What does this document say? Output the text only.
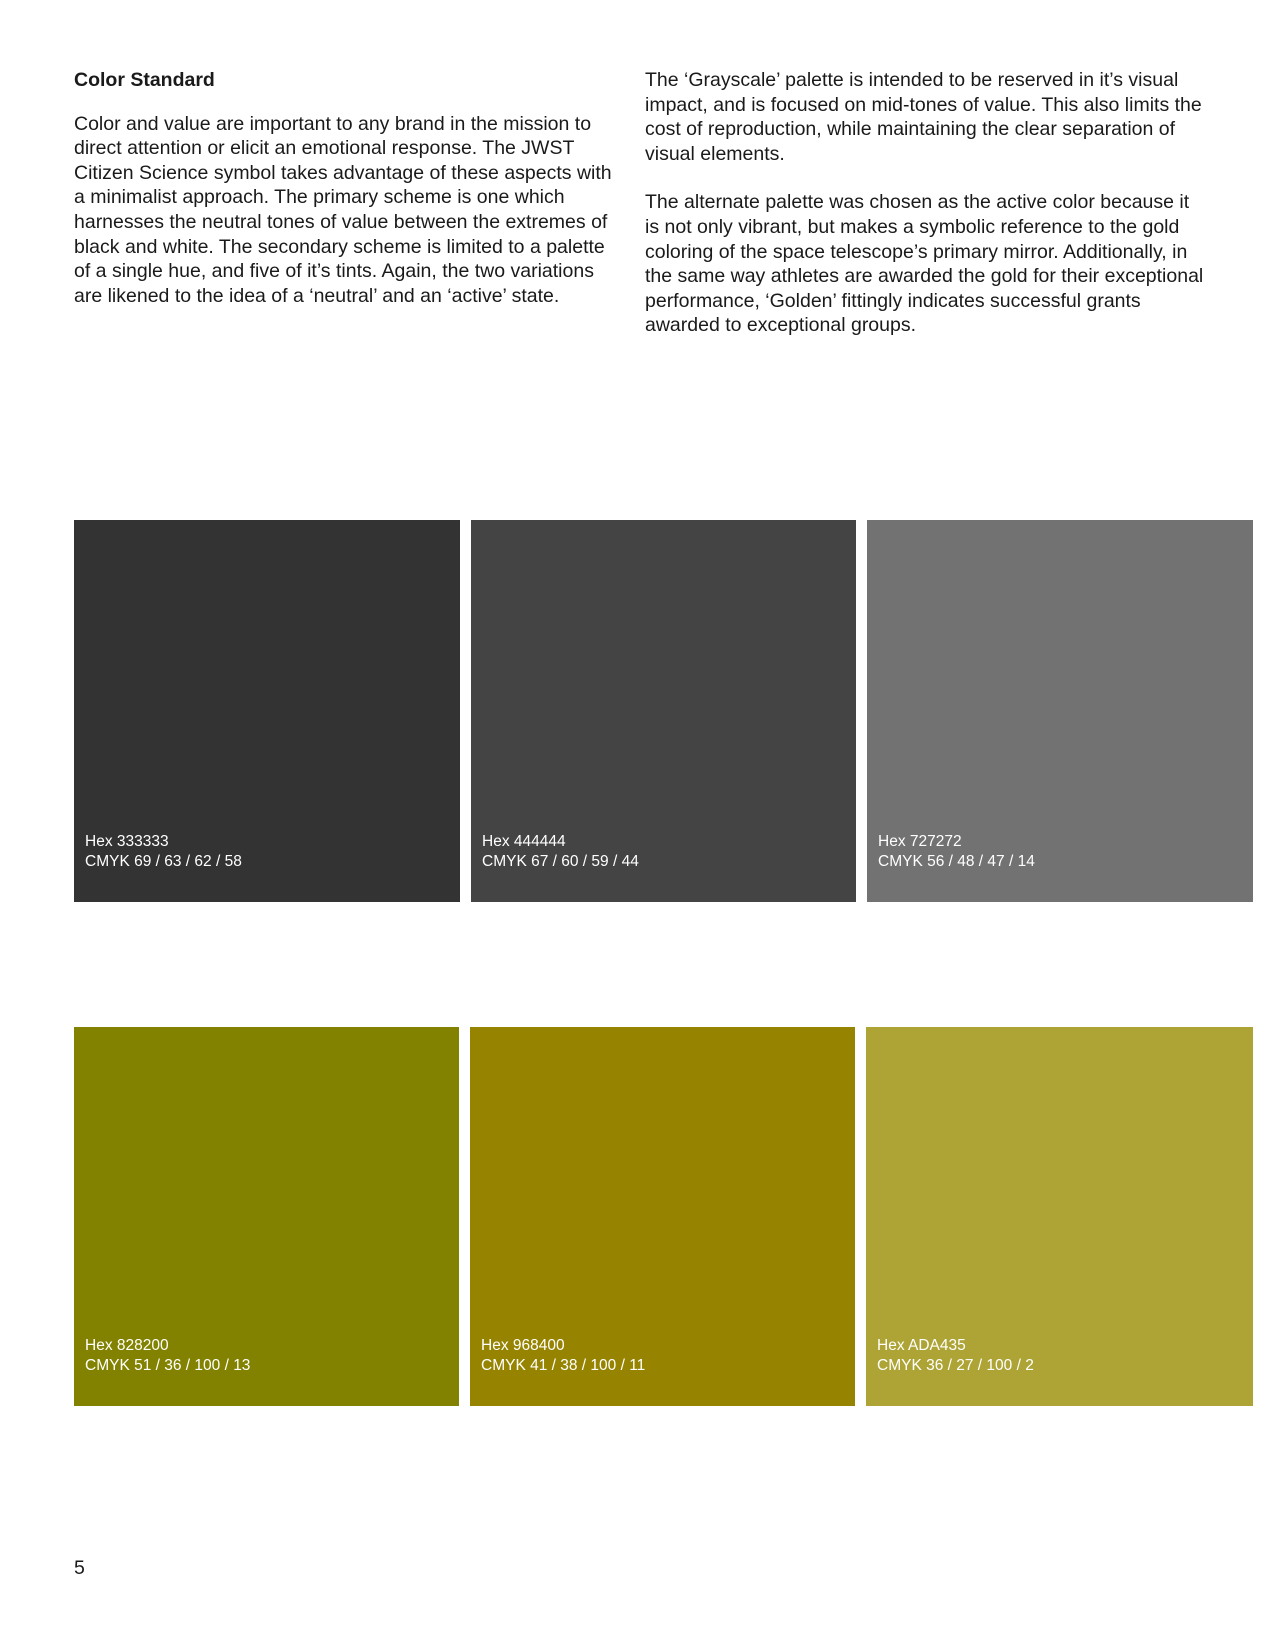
Color Standard

Color and value are important to any brand in the mission to direct attention or elicit an emotional response. The JWST Citizen Science symbol takes advantage of these aspects with a minimalist approach. The primary scheme is one which harnesses the neutral tones of value between the extremes of black and white. The secondary scheme is limited to a palette of a single hue, and five of it’s tints. Again, the two variations are likened to the idea of a ‘neutral’ and an ‘active’ state.

The ‘Grayscale’ palette is intended to be reserved in it’s visual impact, and is focused on mid-tones of value. This also limits the cost of reproduction, while maintaining the clear separation of visual elements.

The alternate palette was chosen as the active color because it is not only vibrant, but makes a symbolic reference to the gold coloring of the space telescope’s primary mirror. Additionally, in the same way athletes are awarded the gold for their exceptional performance, ‘Golden’ fittingly indicates successful grants awarded to exceptional groups.

Hex 333333
CMYK 69 / 63 / 62 / 58
Hex 444444
CMYK 67 / 60 / 59 / 44
Hex 727272
CMYK 56 / 48 / 47 / 14
Hex 828200
CMYK 51 / 36 / 100 / 13
Hex 968400
CMYK 41 / 38 / 100 / 11
Hex ADA435
CMYK 36 / 27 / 100 / 2
5
